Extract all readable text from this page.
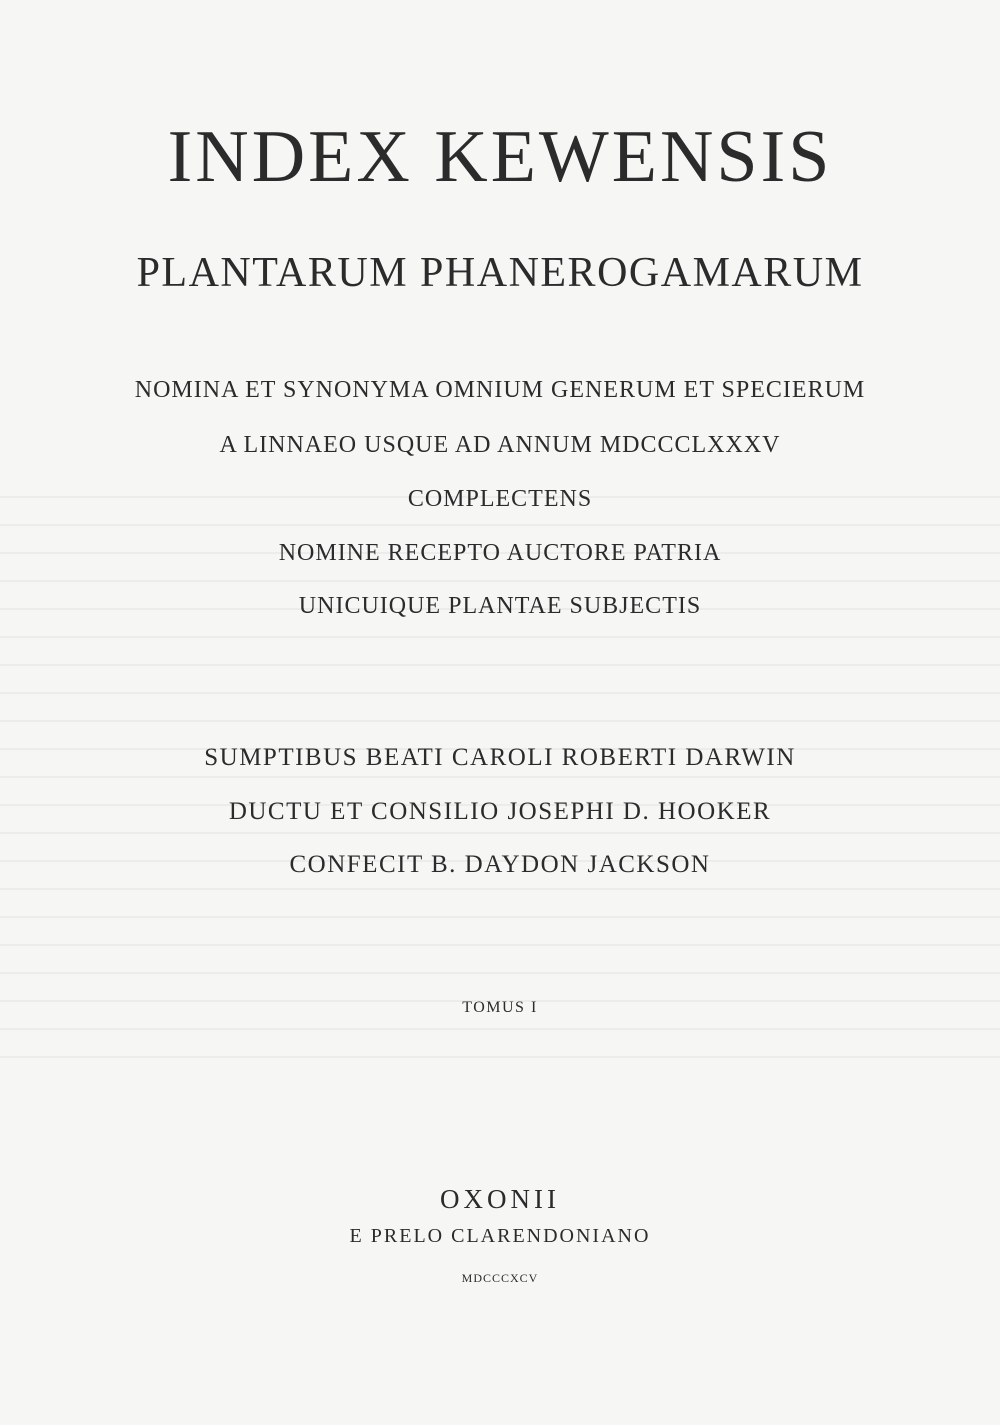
INDEX KEWENSIS
PLANTARUM PHANEROGAMARUM
NOMINA ET SYNONYMA OMNIUM GENERUM ET SPECIERUM
A LINNAEO USQUE AD ANNUM MDCCCLXXXV
COMPLECTENS
NOMINE RECEPTO AUCTORE PATRIA
UNICUIQUE PLANTAE SUBJECTIS
SUMPTIBUS BEATI CAROLI ROBERTI DARWIN
DUCTU ET CONSILIO JOSEPHI D. HOOKER
CONFECIT B. DAYDON JACKSON
TOMUS I
OXONII
E PRELO CLARENDONIANO
MDCCCXCV
